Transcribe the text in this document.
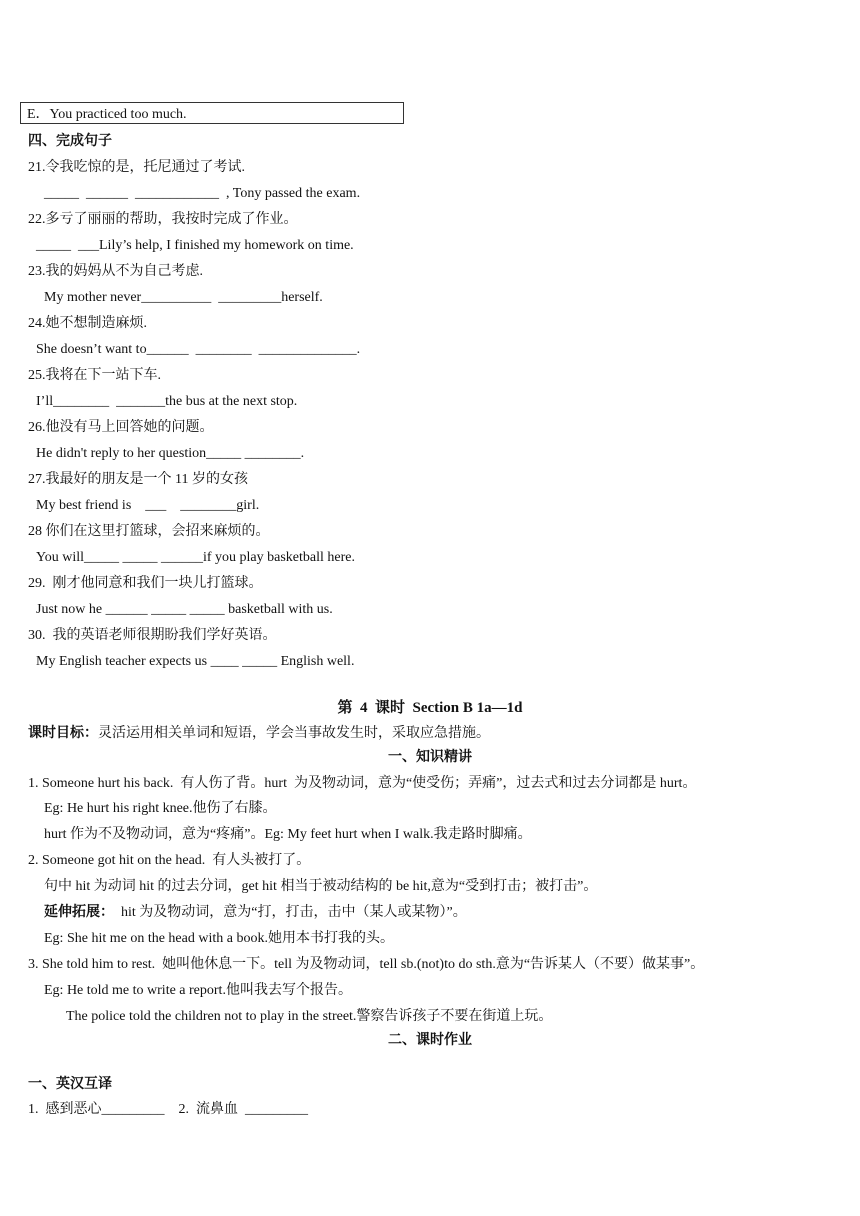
E．You practiced too much.
四、完成句子
21.令我吃惊的是，托尼通过了考试.
_____  ______  ____________  , Tony passed the exam.
22.多亏了丽丽的帮助，我按时完成了作业。
_____  ___Lily’s help, I finished my homework on time.
23.我的妈妈从不为自己考虑.
My mother never__________  _________herself.
24.她不想制造麻烦.
She doesn’t want to______  ________  ______________.
25.我将在下一站下车.
I’ll________  _______the bus at the next stop.
26.他没有马上回答她的问题。
He didn't reply to her question_____ ________.
27.我最好的朋友是一个 11 岁的女孩
My best friend is    ___    ________girl.
28 你们在这里打篮球，会招来麻烦的。
You will_____ _____ ______if you play basketball here.
29.  刚才他同意和我们一块儿打篮球。
Just now he ______ _____ _____ basketball with us.
30.  我的英语老师很期盼我们学好英语。
My English teacher expects us ____ _____ English well.
第  4  课时  Section B 1a—1d
课时目标：灵活运用相关单词和短语，学会当事故发生时，采取应急措施。
一、知识精讲
1. Someone hurt his back.  有人伤了背。hurt  为及物动词，意为“使受伤；弄痛”，过去式和过去分词都是 hurt。
Eg: He hurt his right knee.他伤了右膝。
hurt 作为不及物动词，意为“疼痛”。Eg: My feet hurt when I walk.我走路时脚痛。
2. Someone got hit on the head.  有人头被打了。
句中 hit 为动词 hit 的过去分词，get hit 相当于被动结构的 be hit,意为“受到打击；被打击”。
延伸拓展：  hit 为及物动词，意为“打，打击，击中（某人或某物）”。
Eg: She hit me on the head with a book.她用本书打我的头。
3. She told him to rest.  她叫他休息一下。tell 为及物动词，tell sb.(not)to do sth.意为“告诉某人（不要）做某事”。
Eg: He told me to write a report.他叫我去写个报告。
The police told the children not to play in the street.警察告诉孩子不要在街道上玩。
二、课时作业
一、英汉互译
1.  感到恶心_________    2.  流鼻血  _________
